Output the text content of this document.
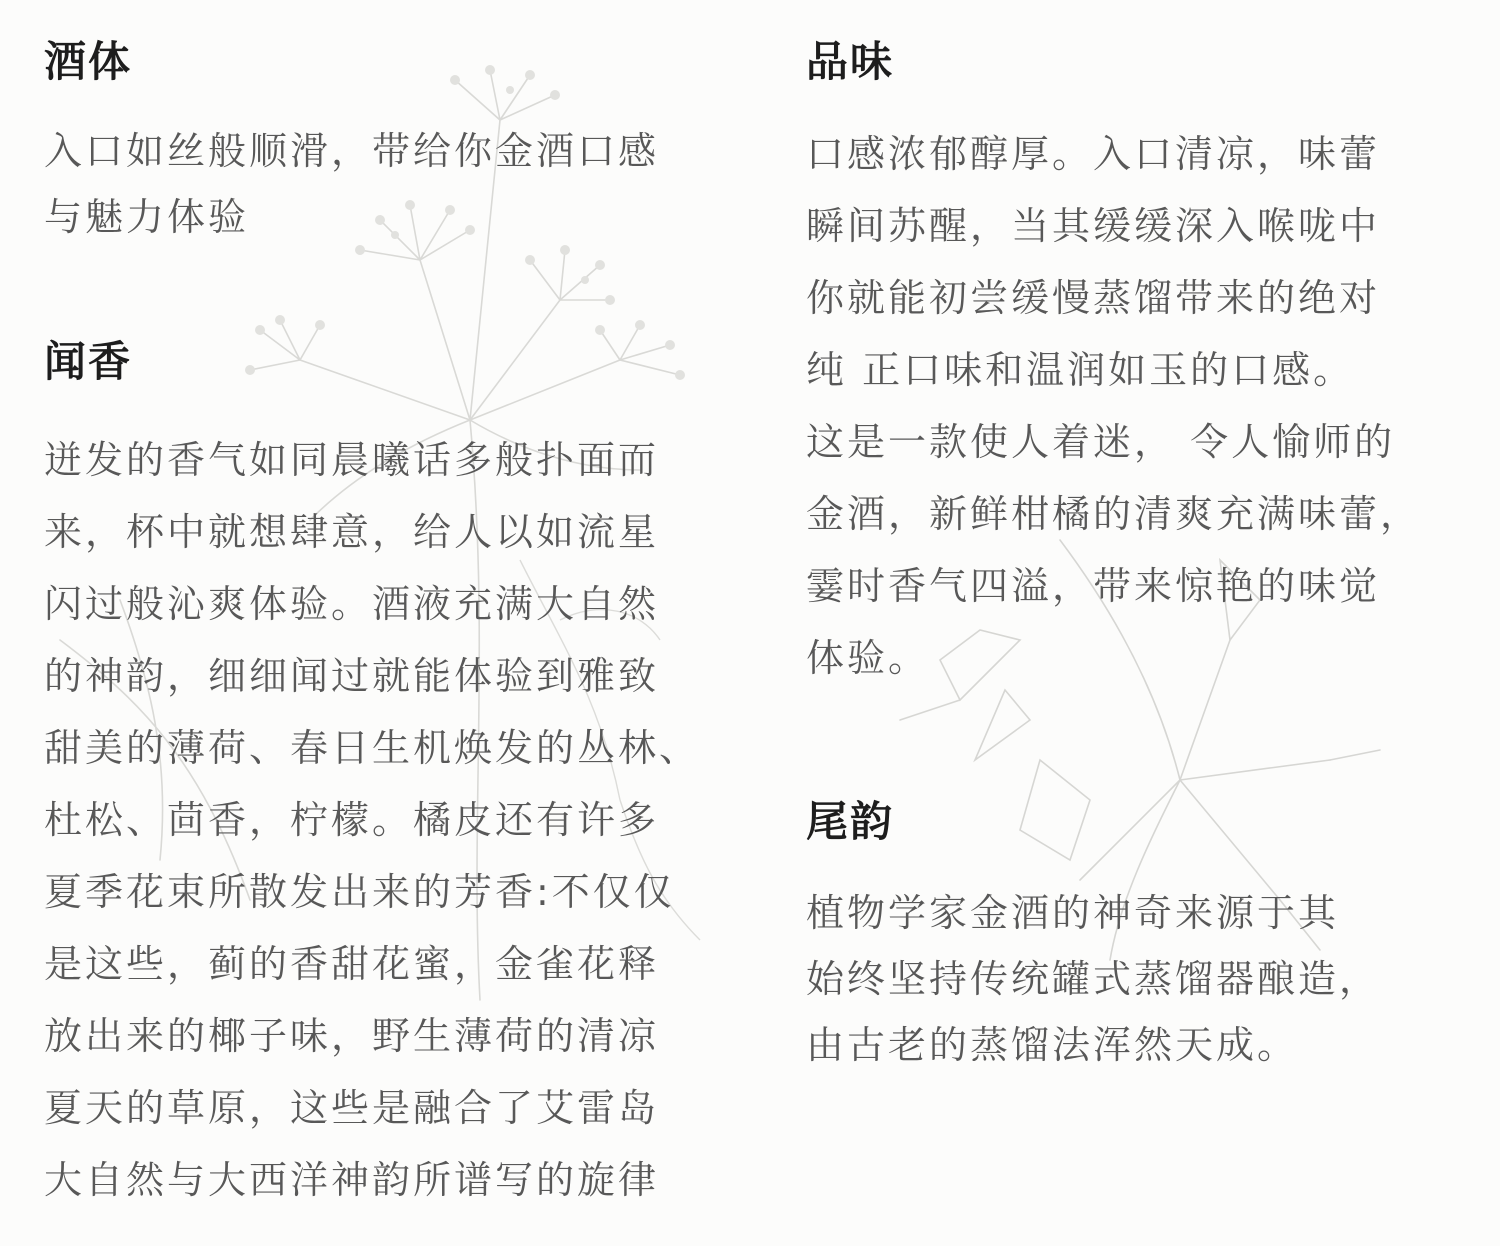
酒体

入口如丝般顺滑，带给你金酒口感
与魅力体验

闻香

迸发的香气如同晨曦话多般扑面而
来，杯中就想肆意，给人以如流星
闪过般沁爽体验。酒液充满大自然
的神韵，细细闻过就能体验到雅致
甜美的薄荷、春日生机焕发的丛林、
杜松、茴香，柠檬。橘皮还有许多
夏季花束所散发出来的芳香:不仅仅
是这些，蓟的香甜花蜜，金雀花释
放出来的椰子味，野生薄荷的清凉
夏天的草原，这些是融合了艾雷岛
大自然与大西洋神韵所谱写的旋律

品味

口感浓郁醇厚。入口清凉，味蕾
瞬间苏醒，当其缓缓深入喉咙中
你就能初尝缓慢蒸馏带来的绝对
纯 正口味和温润如玉的口感。
这是一款使人着迷， 令人愉师的
金酒，新鲜柑橘的清爽充满味蕾，
霎时香气四溢，带来惊艳的味觉
体验。

尾韵

植物学家金酒的神奇来源于其
始终坚持传统罐式蒸馏器酿造，
由古老的蒸馏法浑然天成。
